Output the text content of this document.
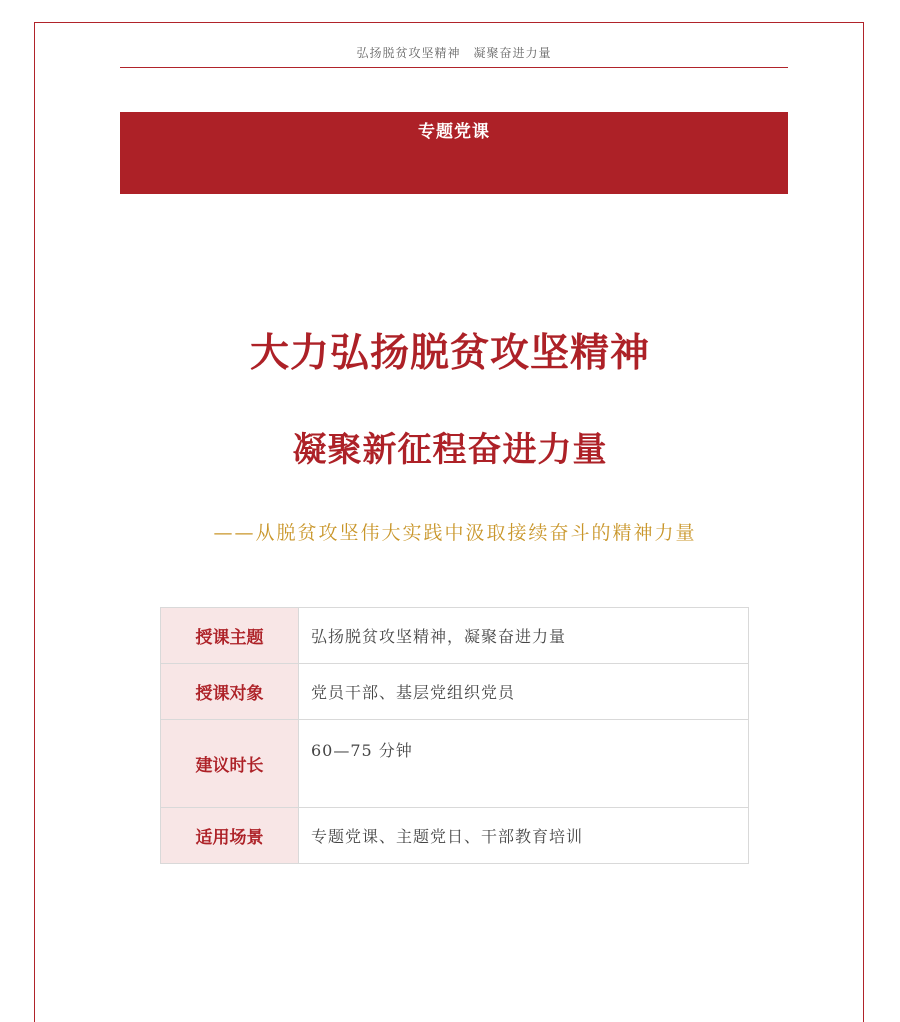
弘扬脱贫攻坚精神　凝聚奋进力量
专题党课
大力弘扬脱贫攻坚精神
凝聚新征程奋进力量
——从脱贫攻坚伟大实践中汲取接续奋斗的精神力量
授课主题	弘扬脱贫攻坚精神，凝聚奋进力量
授课对象	党员干部、基层党组织党员
建议时长	60—75 分钟
适用场景	专题党课、主题党日、干部教育培训
